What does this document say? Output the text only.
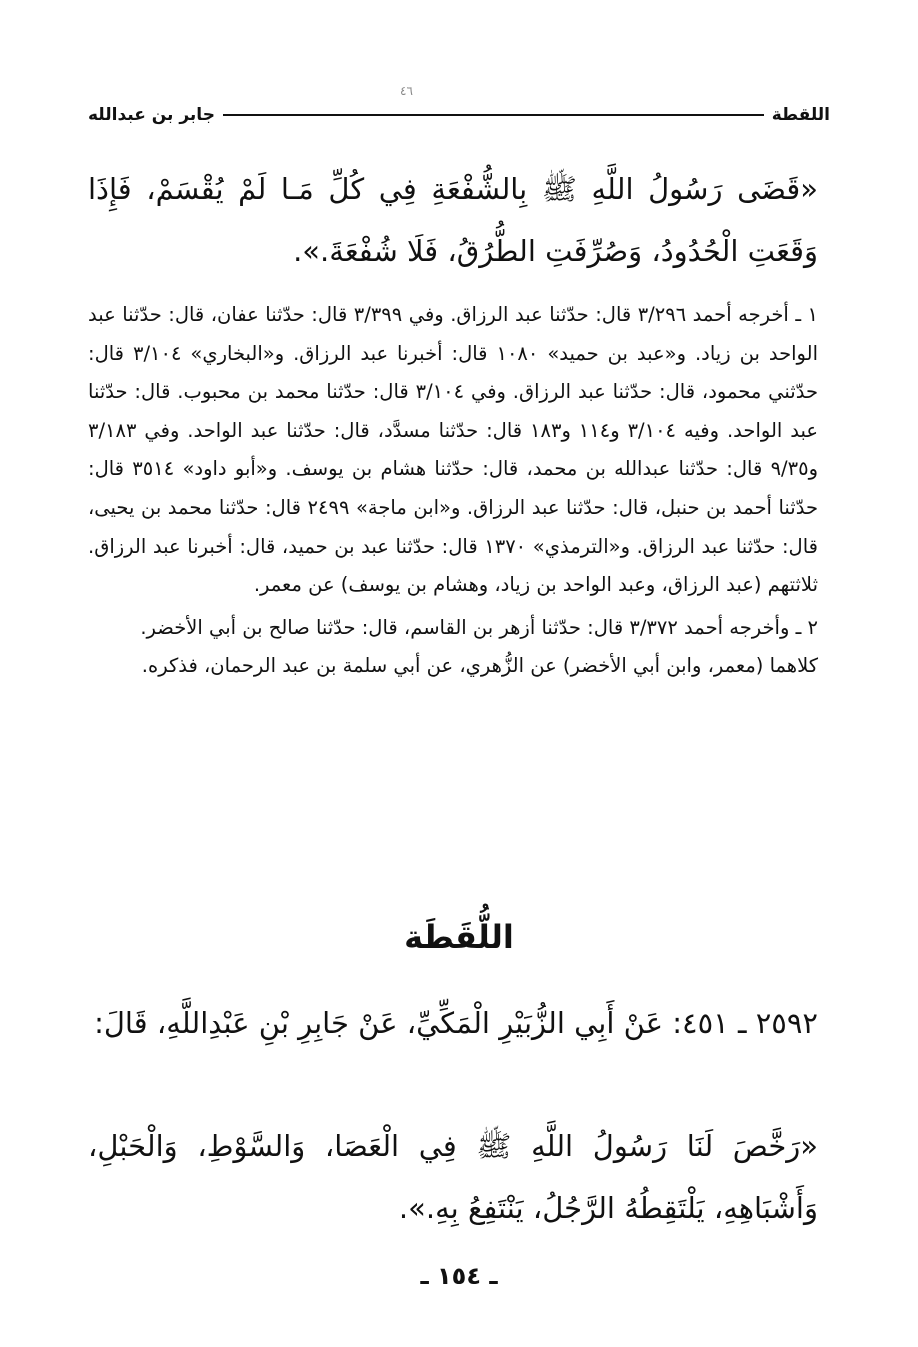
٤٦
اللقطة
جابر بن عبدالله
«قَضَى رَسُولُ اللَّهِ ﷺ بِالشُّفْعَةِ فِي كُلِّ مَـا لَمْ يُقْسَمْ، فَإِذَا وَقَعَتِ الْحُدُودُ، وَصُرِّفَتِ الطُّرُقُ، فَلَا شُفْعَةَ.».

١ ـ أخرجه أحمد ٣/٢٩٦ قال: حدّثنا عبد الرزاق. وفي ٣/٣٩٩ قال: حدّثنا عفان، قال: حدّثنا عبد الواحد بن زياد. و«عبد بن حميد» ١٠٨٠ قال: أخبرنا عبد الرزاق. و«البخاري» ٣/١٠٤ قال: حدّثني محمود، قال: حدّثنا عبد الرزاق. وفي ٣/١٠٤ قال: حدّثنا محمد بن محبوب. قال: حدّثنا عبد الواحد. وفيه ٣/١٠٤ و١١٤ و١٨٣ قال: حدّثنا مسدَّد، قال: حدّثنا عبد الواحد. وفي ٣/١٨٣ و٩/٣٥ قال: حدّثنا عبدالله بن محمد، قال: حدّثنا هشام بن يوسف. و«أبو داود» ٣٥١٤ قال: حدّثنا أحمد بن حنبل، قال: حدّثنا عبد الرزاق. و«ابن ماجة» ٢٤٩٩ قال: حدّثنا محمد بن يحيى، قال: حدّثنا عبد الرزاق. و«الترمذي» ١٣٧٠ قال: حدّثنا عبد بن حميد، قال: أخبرنا عبد الرزاق. ثلاثتهم (عبد الرزاق، وعبد الواحد بن زياد، وهشام بن يوسف) عن معمر.

٢ ـ وأخرجه أحمد ٣/٣٧٢ قال: حدّثنا أزهر بن القاسم، قال: حدّثنا صالح بن أبي الأخضر.

كلاهما (معمر، وابن أبي الأخضر) عن الزُّهري، عن أبي سلمة بن عبد الرحمان، فذكره.

اللُّقَطَة
٢٥٩٢ ـ ٤٥١: عَنْ أَبِي الزُّبَيْرِ الْمَكِّيِّ، عَنْ جَابِرِ بْنِ عَبْدِاللَّهِ، قَالَ:
«رَخَّصَ لَنَا رَسُولُ اللَّهِ ﷺ فِي الْعَصَا، وَالسَّوْطِ، وَالْحَبْلِ، وَأَشْبَاهِهِ، يَلْتَقِطُهُ الرَّجُلُ، يَنْتَفِعُ بِهِ.».
ـ ١٥٤ ـ
